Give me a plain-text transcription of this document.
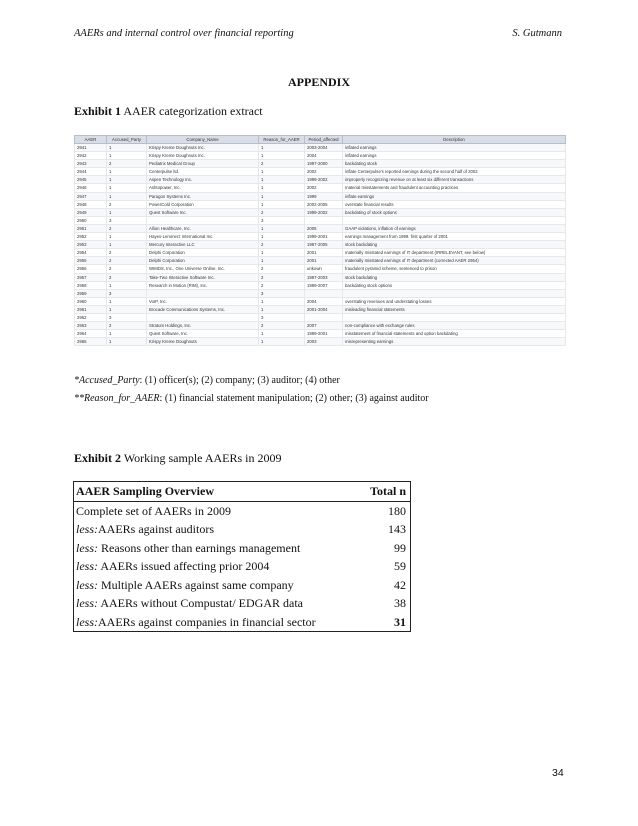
AAERs and internal control over financial reporting	S. Gutmann
APPENDIX
Exhibit 1 AAER categorization extract
AAER	Accused_Party	Company_Name	Reason_for_AAER	Period_affected	Description
2941	1	Krispy Kreme Doughnuts Inc.	1	2003-2004	inflated earnings
2942	1	Krispy Kreme Doughnuts Inc.	1	2004	inflated earnings
2943	2	Pediatrix Medical Group	2	1997-2000	backdating stock
2944	1	Centerpulse ltd.	1	2002	inflate Centerpulse's reported earnings during the second half of 2002
2945	1	Aspen Technology Inc.	1	1999-2002	improperly recognizing revenue on at least six different transactions
2946	1	Ashtopower, Inc.	1	2002	material misstatements and fraudulent accounting practices
2947	1	Paragon Systems Inc.	1	1999	inflate earnings
2948	2	PowerCold Corporation	1	2002-2005	overstate financial results
2949	1	Quest Software Inc.	2	1999-2002	backdating of stock options
2950	3		3		
2951	2	Allion Healthcare, Inc.	1	2005	GAAP violations, inflation of earnings
2952	1	Hayes-Lemmerz International Inc.	1	1999-2001	earnings management from 1999. first quarter of 2001
2953	1	Mercury Interactive LLC	2	1997-2005	stock backdating
2954	2	Delphi Corporation	1	2001	materially misstated earnings of IT department (IRRELEVANT, see below)
2955	2	Delphi Corporation	1	2001	materially misstated earnings of IT department (corrected AAER 2954)
2956	2	WIMDS, Inc., One Universe Online, Inc.	2	unkown	fraudulent pyramid scheme, sentenced to prison
2957	2	Take-Two Interactive Software Inc.	2	1997-2003	stock backdating
2958	1	Research in Motion (RIM), Inc.	2	1999-2007	backdating stock options
2959	3		3		
2960	1	VoIP, Inc.	1	2004	overstating revenues and understating losses
2961	1	Brocade Communications Systems, Inc.	1	2001-2004	misleading financial statements
2962	3		3		
2963	2	Stratum Holdings, Inc.	2	2007	non-compliance with exchange rules
2964	1	Quest Software, Inc.	1	1999-2001	misstatement of financial statements and option backdating
2965	1	Krispy Kreme Doughnuts	1	2003	misrepresenting earnings
*Accused_Party: (1) officer(s); (2) company; (3) auditor; (4) other
**Reason_for_AAER: (1) financial statement manipulation; (2) other; (3) against auditor
Exhibit 2 Working sample AAERs in 2009
AAER Sampling Overview	Total n
Complete set of AAERs in 2009	180
less:AAERs against auditors	143
less: Reasons other than earnings management	99
less: AAERs issued affecting prior 2004	59
less: Multiple AAERs against same company	42
less: AAERs without Compustat/ EDGAR data	38
less:AAERs against companies in financial sector	31
34
